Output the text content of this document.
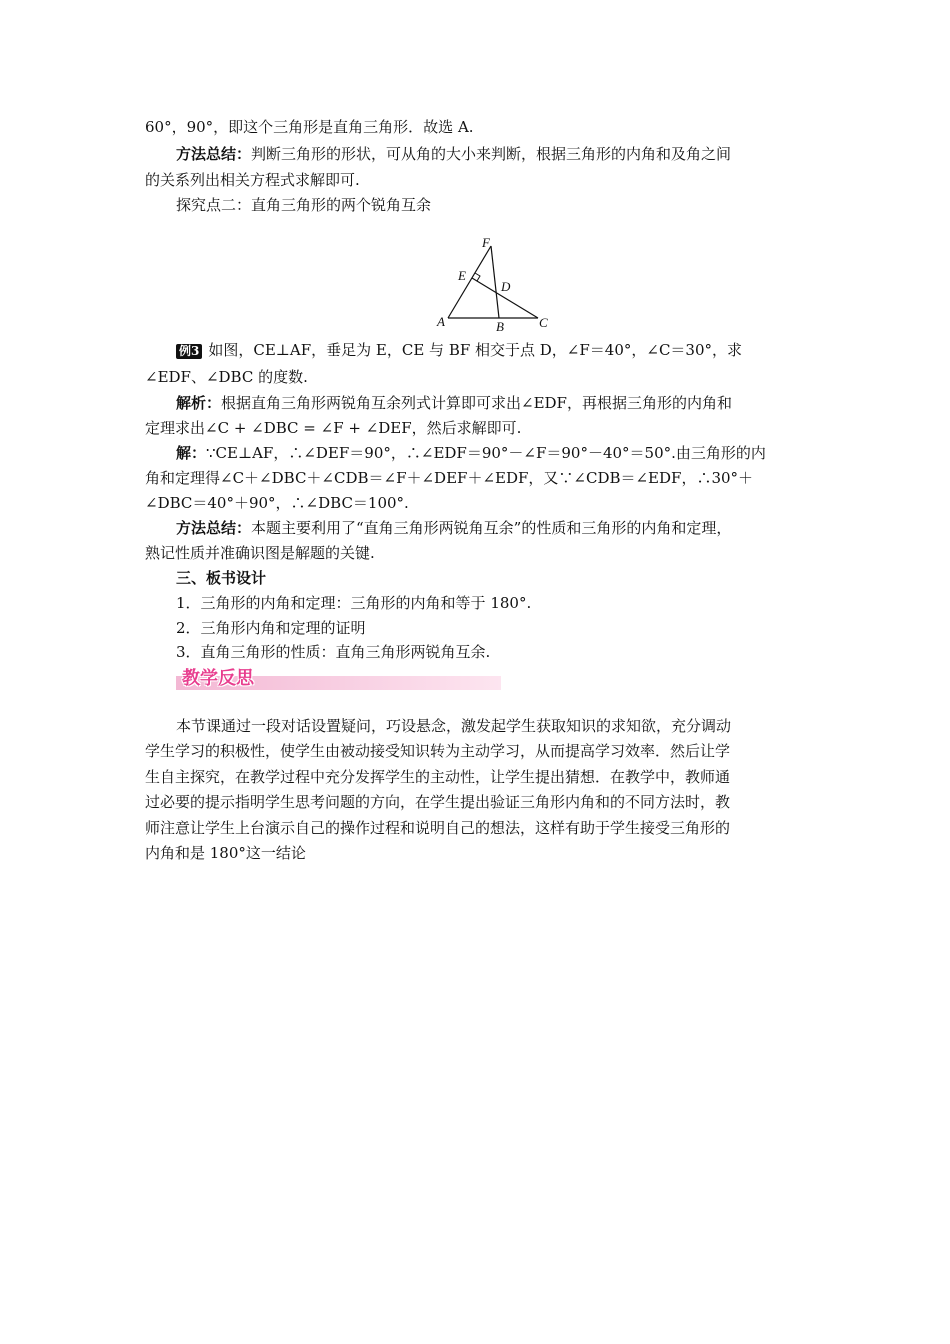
60°，90°，即这个三角形是直角三角形．故选 A.
方法总结：判断三角形的形状，可从角的大小来判断，根据三角形的内角和及角之间
的关系列出相关方程式求解即可.
探究点二：直角三角形的两个锐角互余
F
E
D
A	B	C
例3 如图，CE⊥AF，垂足为 E，CE 与 BF 相交于点 D，∠F＝40°，∠C＝30°，求
∠EDF、∠DBC 的度数.
解析：根据直角三角形两锐角互余列式计算即可求出∠EDF，再根据三角形的内角和
定理求出∠C + ∠DBC = ∠F + ∠DEF，然后求解即可.
解：∵CE⊥AF，∴∠DEF＝90°，∴∠EDF＝90°－∠F＝90°－40°＝50°.由三角形的内
角和定理得∠C＋∠DBC＋∠CDB＝∠F＋∠DEF＋∠EDF，又∵∠CDB＝∠EDF，∴30°＋
∠DBC＝40°＋90°，∴∠DBC＝100°.
方法总结：本题主要利用了“直角三角形两锐角互余”的性质和三角形的内角和定理，
熟记性质并准确识图是解题的关键.
三、板书设计
1．三角形的内角和定理：三角形的内角和等于 180°.
2．三角形内角和定理的证明
3．直角三角形的性质：直角三角形两锐角互余.
教学反思
本节课通过一段对话设置疑问，巧设悬念，激发起学生获取知识的求知欲，充分调动
学生学习的积极性，使学生由被动接受知识转为主动学习，从而提高学习效率．然后让学
生自主探究，在教学过程中充分发挥学生的主动性，让学生提出猜想．在教学中，教师通
过必要的提示指明学生思考问题的方向，在学生提出验证三角形内角和的不同方法时，教
师注意让学生上台演示自己的操作过程和说明自己的想法，这样有助于学生接受三角形的
内角和是 180°这一结论
